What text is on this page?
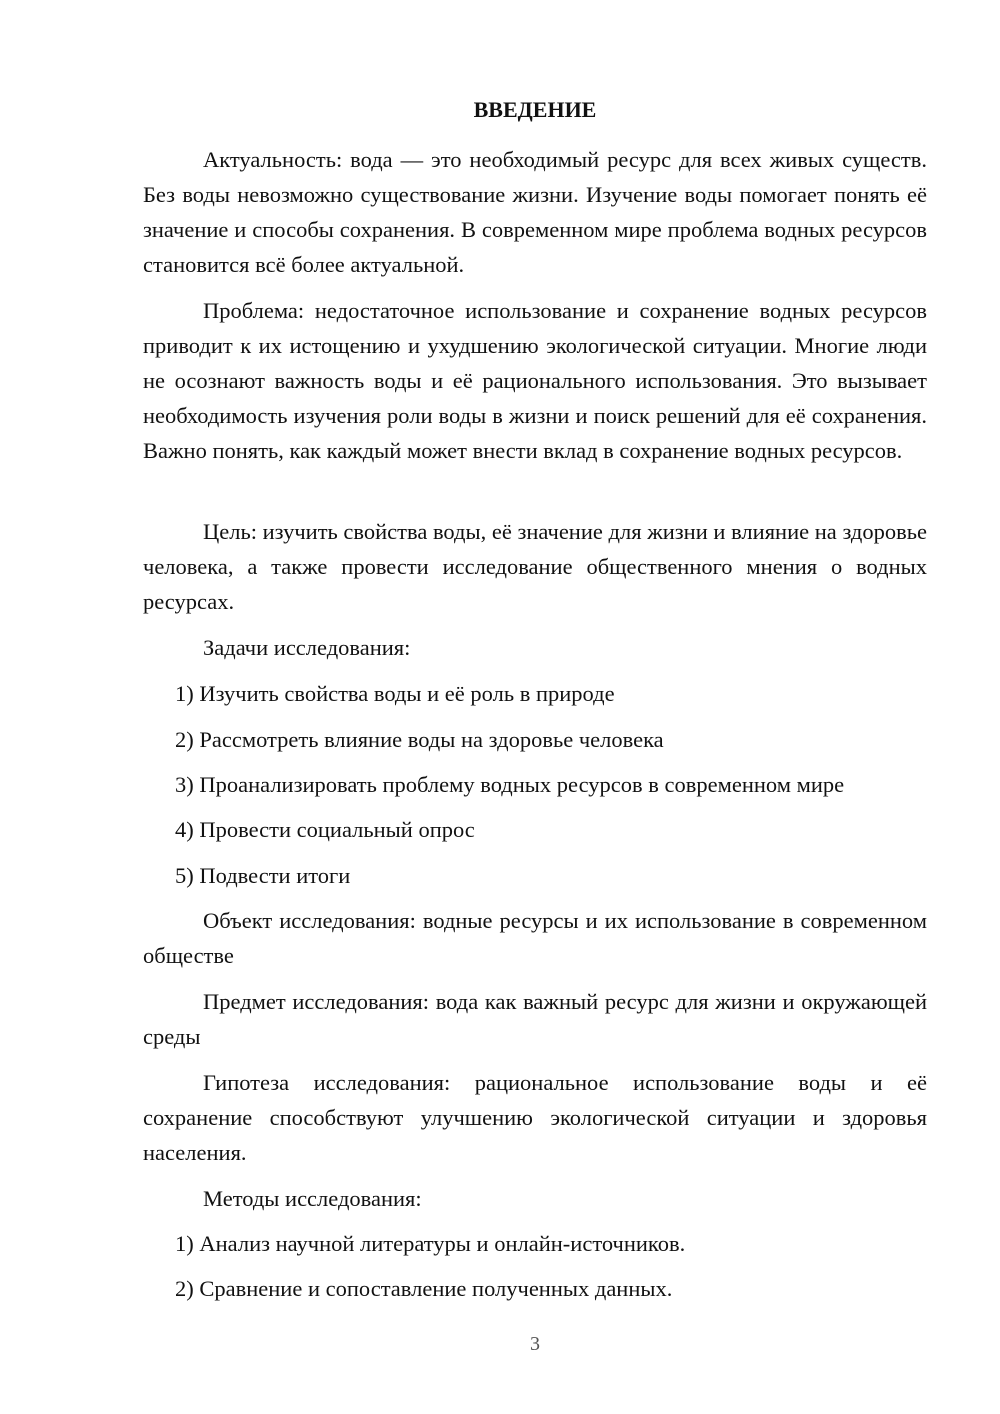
ВВЕДЕНИЕ

Актуальность: вода — это необходимый ресурс для всех живых существ. Без воды невозможно существование жизни. Изучение воды помогает понять её значение и способы сохранения. В современном мире проблема водных ресурсов становится всё более актуальной.

Проблема: недостаточное использование и сохранение водных ресурсов приводит к их истощению и ухудшению экологической ситуации. Многие люди не осознают важность воды и её рационального использования. Это вызывает необходимость изучения роли воды в жизни и поиск решений для её сохранения. Важно понять, как каждый может внести вклад в сохранение водных ресурсов.

Цель: изучить свойства воды, её значение для жизни и влияние на здоровье человека, а также провести исследование общественного мнения о водных ресурсах.

Задачи исследования:

1) Изучить свойства воды и её роль в природе

2) Рассмотреть влияние воды на здоровье человека

3) Проанализировать проблему водных ресурсов в современном мире

4) Провести социальный опрос

5) Подвести итоги

Объект исследования: водные ресурсы и их использование в современном обществе

Предмет исследования: вода как важный ресурс для жизни и окружающей среды

Гипотеза исследования: рациональное использование воды и её сохранение способствуют улучшению экологической ситуации и здоровья населения.

Методы исследования:

1) Анализ научной литературы и онлайн-источников.

2) Сравнение и сопоставление полученных данных.

3
